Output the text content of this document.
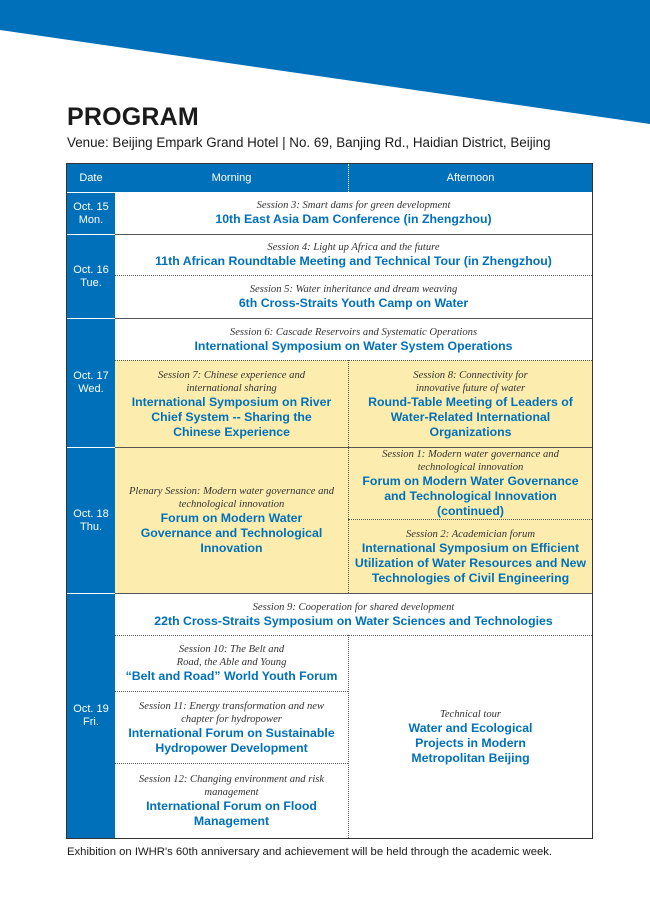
PROGRAM
Venue: Beijing Empark Grand Hotel | No. 69, Banjing Rd., Haidian District, Beijing
Date	Morning	Afternoon
Oct. 15
Mon.
Oct. 16
Tue.
Oct. 17
Wed.
Oct. 18
Thu.
Oct. 19
Fri.
Session 3: Smart dams for green development
10th East Asia Dam Conference (in Zhengzhou)
Session 4: Light up Africa and the future
11th African Roundtable Meeting and Technical Tour (in Zhengzhou)
Session 5: Water inheritance and dream weaving
6th Cross-Straits Youth Camp on Water
Session 6: Cascade Reservoirs and Systematic Operations
International Symposium on Water System Operations
Session 7: Chinese experience and international sharing
International Symposium on River Chief System -- Sharing the Chinese Experience
Session 8: Connectivity for innovative future of water
Round-Table Meeting of Leaders of Water-Related International Organizations
Plenary Session: Modern water governance and technological innovation
Forum on Modern Water Governance and Technological Innovation
Session 1: Modern water governance and technological innovation
Forum on Modern Water Governance and Technological Innovation (continued)
Session 2: Academician forum
International Symposium on Efficient Utilization of Water Resources and New Technologies of Civil Engineering
Session 9: Cooperation for shared development
22th Cross-Straits Symposium on Water Sciences and Technologies
Session 10: The Belt and Road, the Able and Young
“Belt and Road” World Youth Forum
Session 11: Energy transformation and new chapter for hydropower
International Forum on Sustainable Hydropower Development
Session 12: Changing environment and risk management
International Forum on Flood Management
Technical tour
Water and Ecological Projects in Modern Metropolitan Beijing
Exhibition on IWHR's 60th anniversary and achievement will be held through the academic week.
